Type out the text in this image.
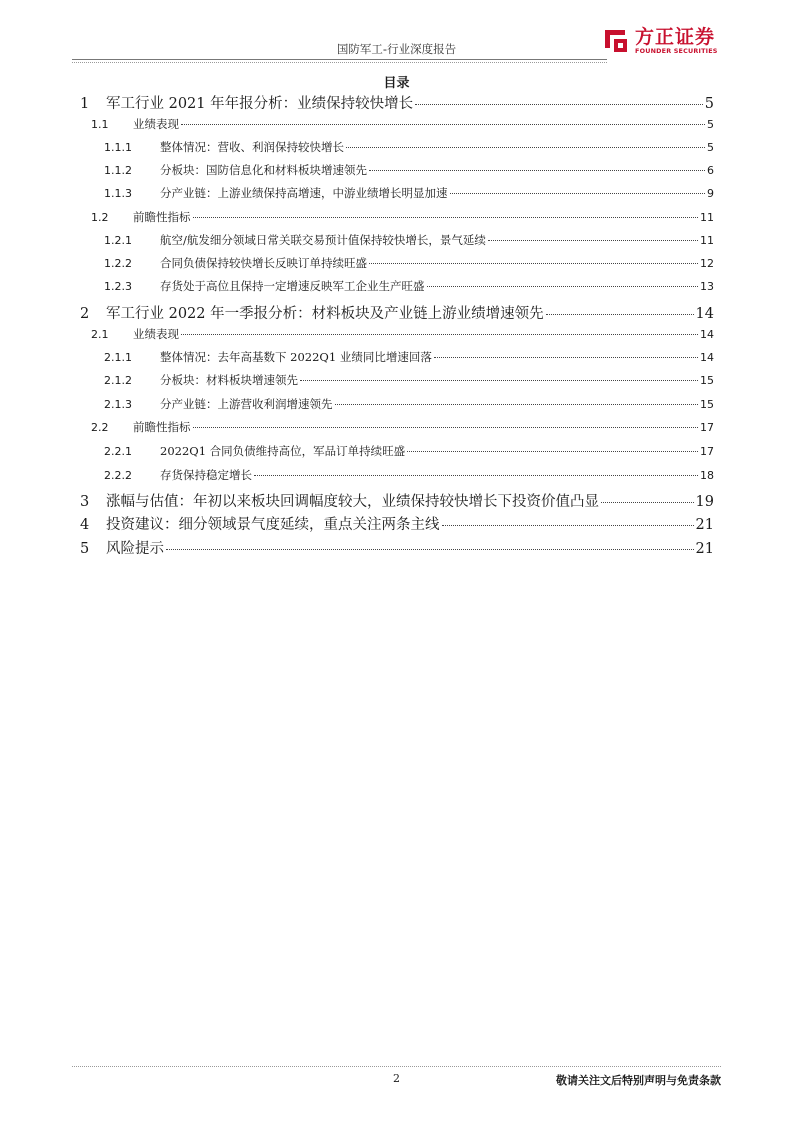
国防军工-行业深度报告
方正证券
FOUNDER SECURITIES
目录
1	军工行业 2021 年年报分析：业绩保持较快增长	5
1.1	业绩表现	5
1.1.1	整体情况：营收、利润保持较快增长	5
1.1.2	分板块：国防信息化和材料板块增速领先	6
1.1.3	分产业链：上游业绩保持高增速，中游业绩增长明显加速	9
1.2	前瞻性指标	11
1.2.1	航空/航发细分领域日常关联交易预计值保持较快增长，景气延续	11
1.2.2	合同负债保持较快增长反映订单持续旺盛	12
1.2.3	存货处于高位且保持一定增速反映军工企业生产旺盛	13
2	军工行业 2022 年一季报分析：材料板块及产业链上游业绩增速领先	14
2.1	业绩表现	14
2.1.1	整体情况：去年高基数下 2022Q1 业绩同比增速回落	14
2.1.2	分板块：材料板块增速领先	15
2.1.3	分产业链：上游营收利润增速领先	15
2.2	前瞻性指标	17
2.2.1	2022Q1 合同负债维持高位，军品订单持续旺盛	17
2.2.2	存货保持稳定增长	18
3	涨幅与估值：年初以来板块回调幅度较大，业绩保持较快增长下投资价值凸显	19
4	投资建议：细分领域景气度延续，重点关注两条主线	21
5	风险提示	21
2	敬请关注文后特别声明与免责条款
